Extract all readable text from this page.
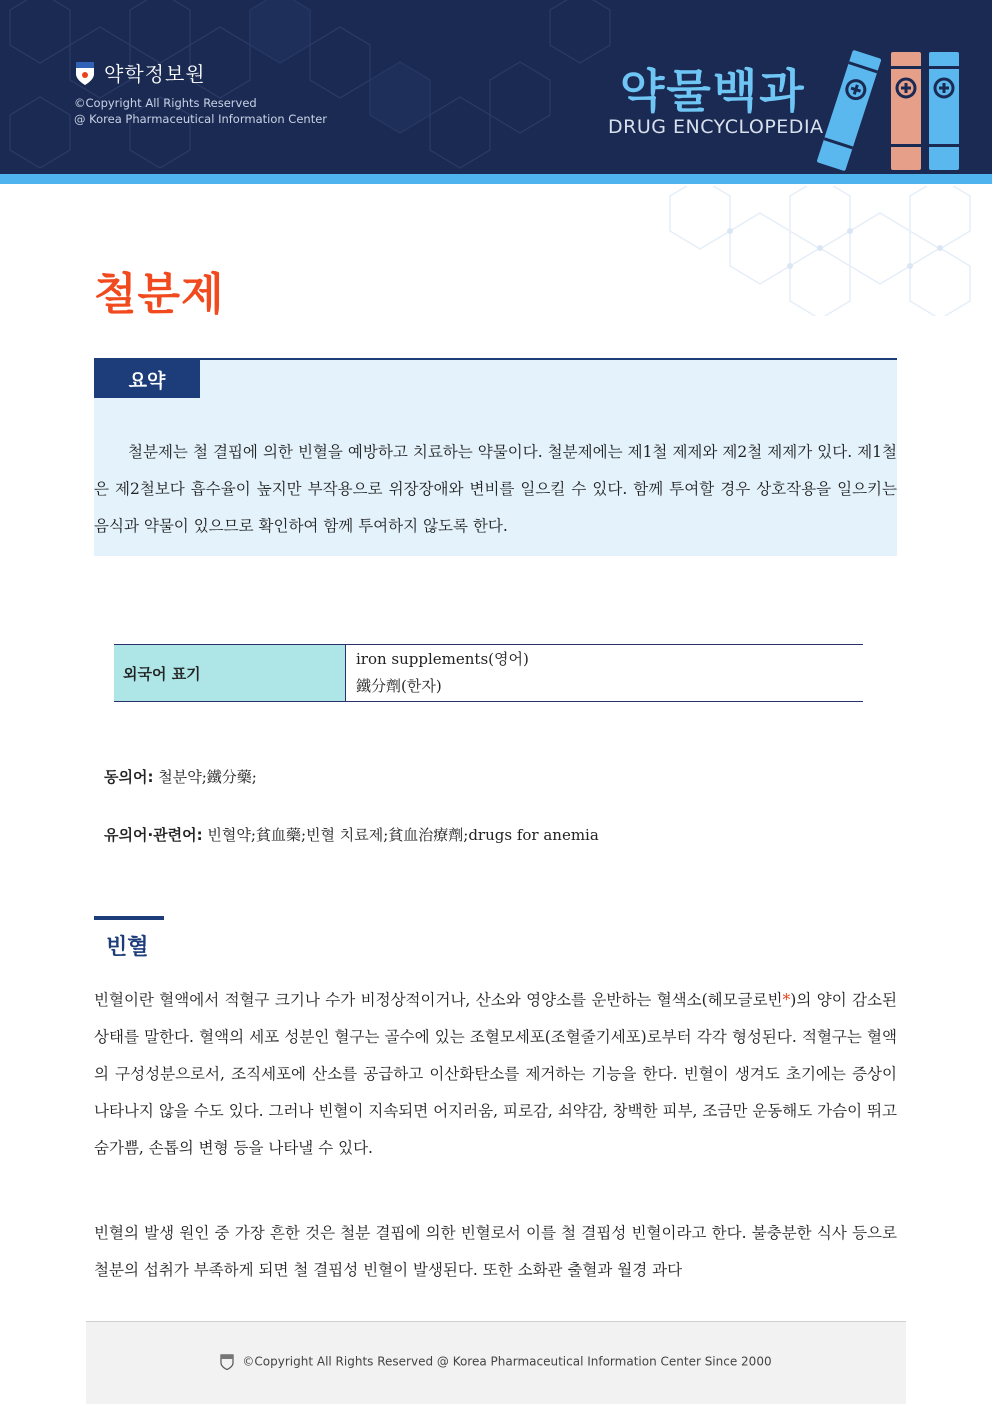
약학정보원
©Copyright All Rights Reserved
@ Korea Pharmaceutical Information Center
약물백과
DRUG ENCYCLOPEDIA
철분제
요약
철분제는 철 결핍에 의한 빈혈을 예방하고 치료하는 약물이다. 철분제에는 제1철 제제와 제2철 제제가 있다. 제1철은 제2철보다 흡수율이 높지만 부작용으로 위장장애와 변비를 일으킬 수 있다. 함께 투여할 경우 상호작용을 일으키는 음식과 약물이 있으므로 확인하여 함께 투여하지 않도록 한다.
외국어 표기
iron supplements(영어)
鐵分劑(한자)
동의어: 철분약;鐵分藥;
유의어·관련어: 빈혈약;貧血藥;빈혈 치료제;貧血治療劑;drugs for anemia
빈혈
빈혈이란 혈액에서 적혈구 크기나 수가 비정상적이거나, 산소와 영양소를 운반하는 혈색소(헤모글로빈*)의 양이 감소된 상태를 말한다. 혈액의 세포 성분인 혈구는 골수에 있는 조혈모세포(조혈줄기세포)로부터 각각 형성된다. 적혈구는 혈액의 구성성분으로서, 조직세포에 산소를 공급하고 이산화탄소를 제거하는 기능을 한다. 빈혈이 생겨도 초기에는 증상이 나타나지 않을 수도 있다. 그러나 빈혈이 지속되면 어지러움, 피로감, 쇠약감, 창백한 피부, 조금만 운동해도 가슴이 뛰고 숨가쁨, 손톱의 변형 등을 나타낼 수 있다.
빈혈의 발생 원인 중 가장 흔한 것은 철분 결핍에 의한 빈혈로서 이를 철 결핍성 빈혈이라고 한다. 불충분한 식사 등으로 철분의 섭취가 부족하게 되면 철 결핍성 빈혈이 발생된다. 또한 소화관 출혈과 월경 과다
©Copyright All Rights Reserved @ Korea Pharmaceutical Information Center Since 2000
